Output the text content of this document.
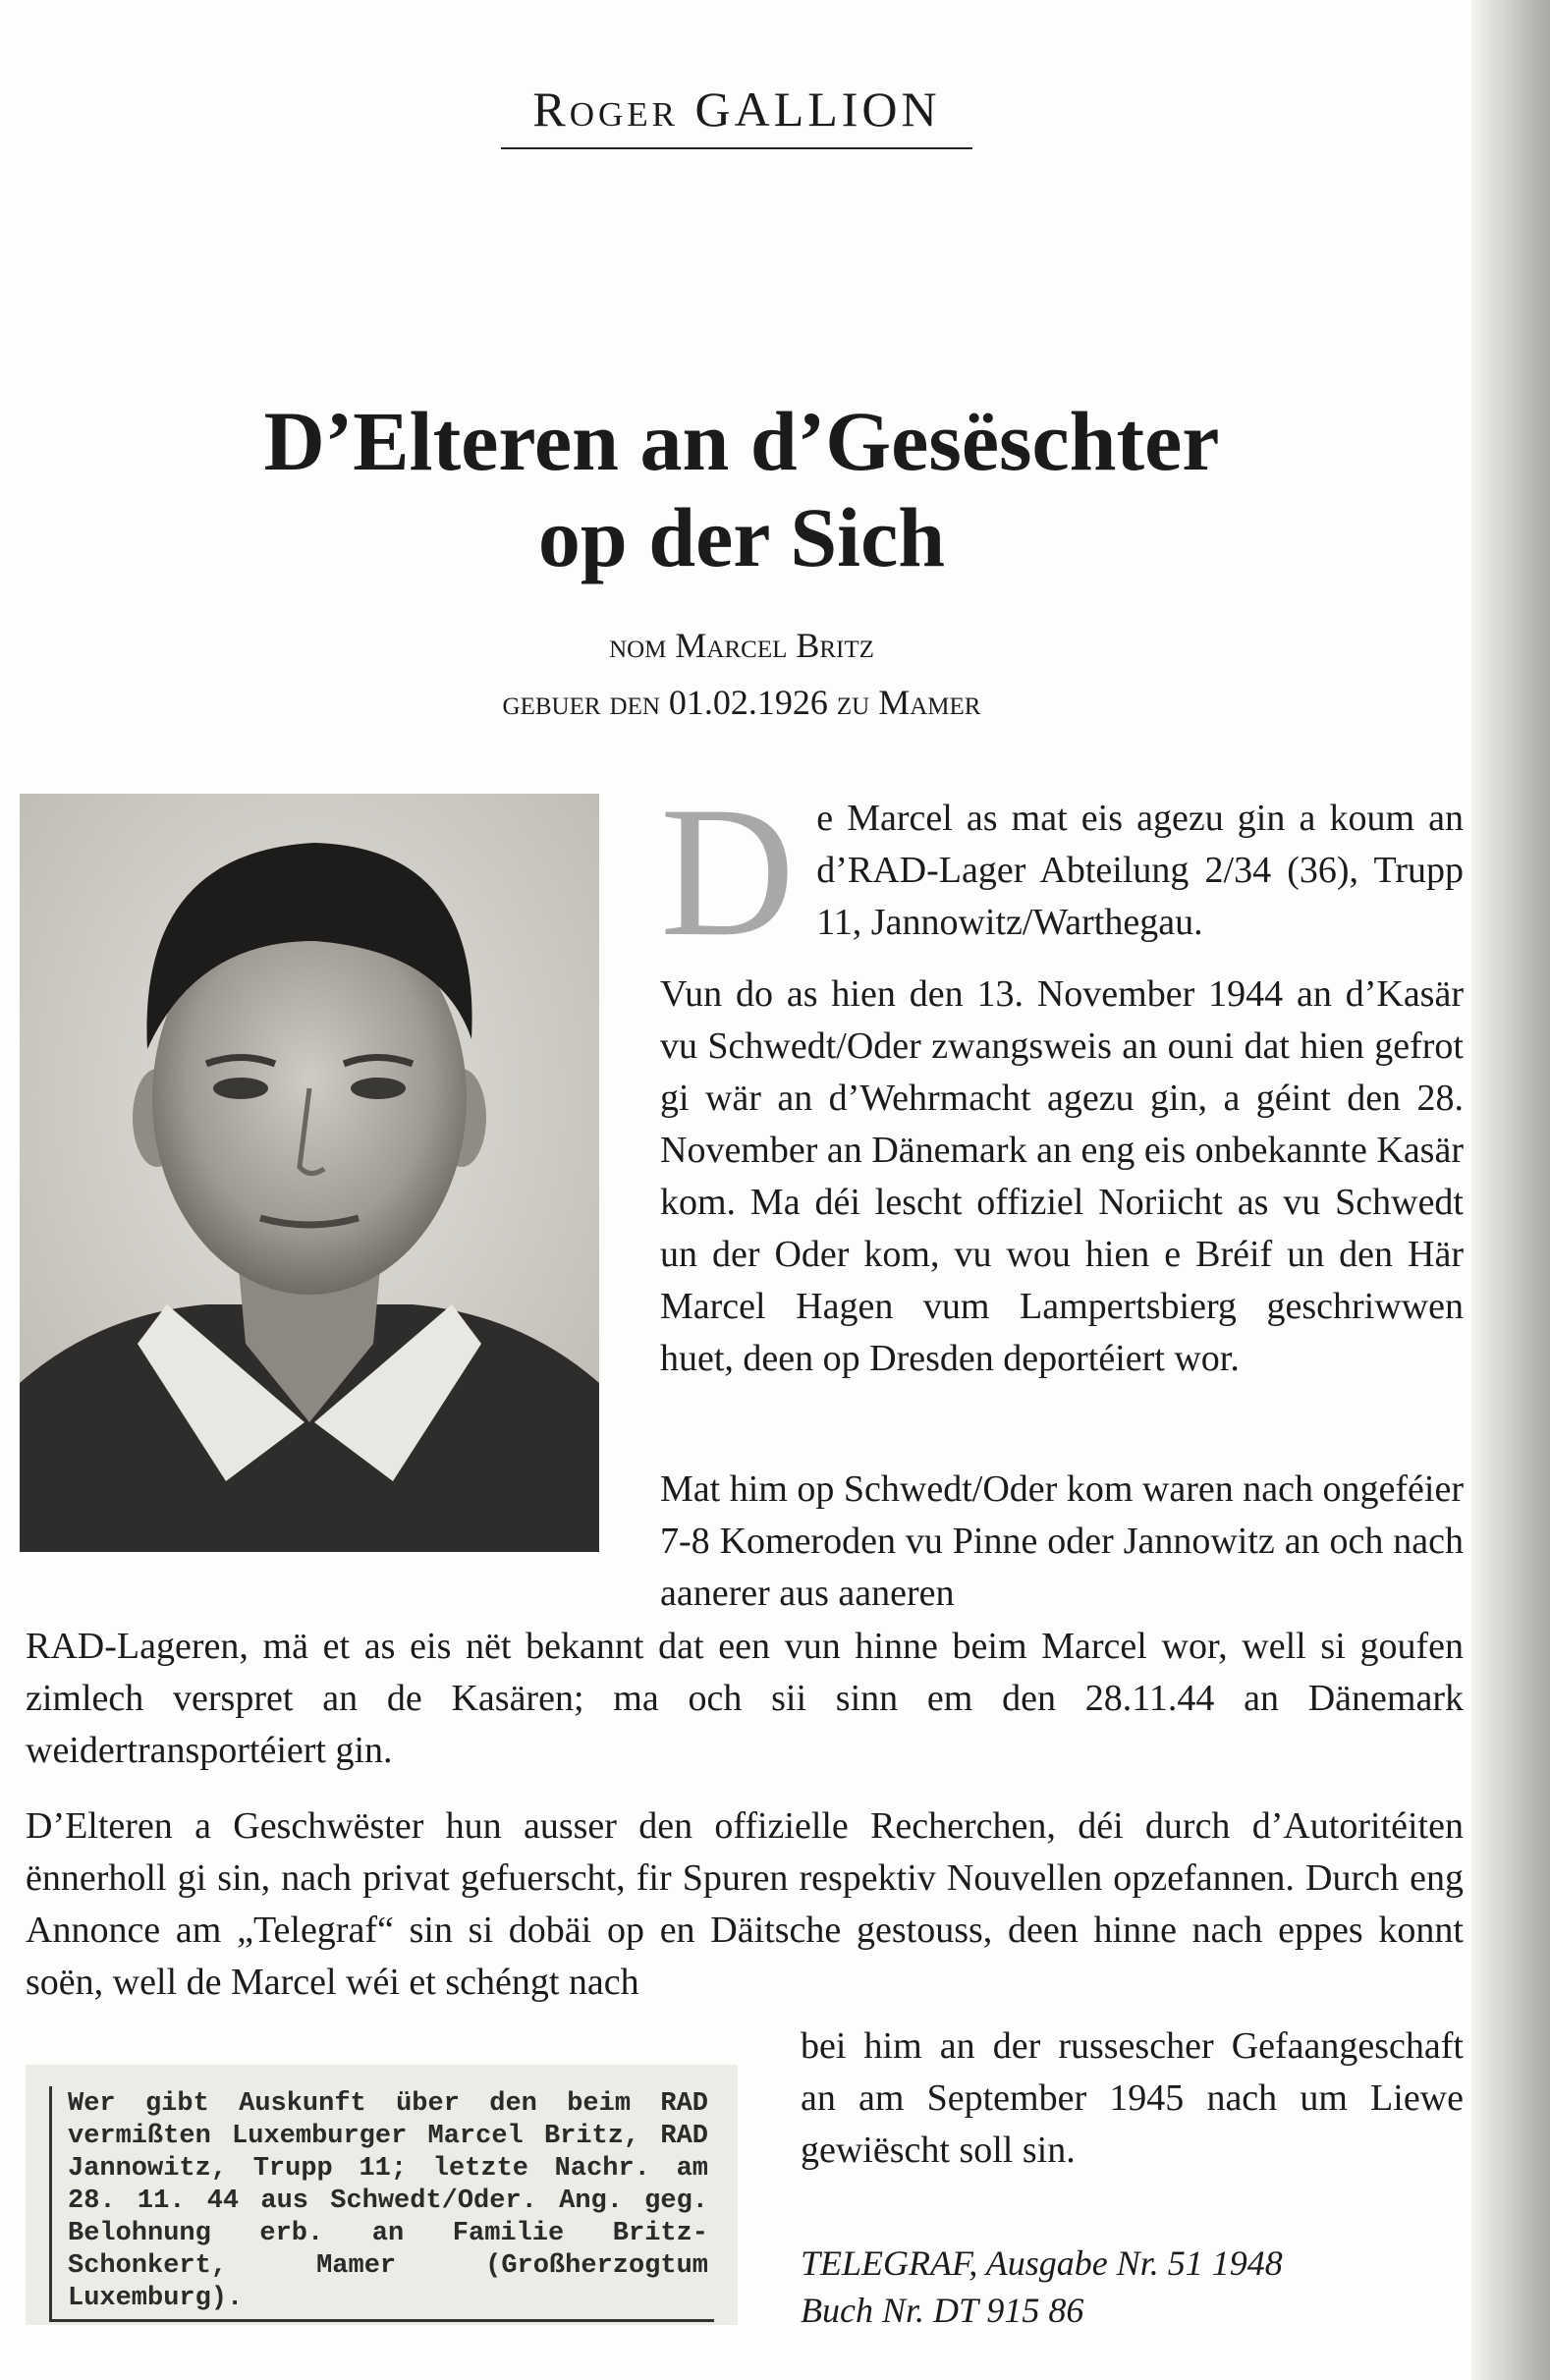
Roger GALLION
D’Elteren an d’Gesëschter
op der Sich
nom Marcel Britz
gebuer den 01.02.1926 zu Mamer
D e Marcel as mat eis agezu gin a koum an d’RAD-Lager Abteilung 2/34 (36), Trupp 11, Jannowitz/Warthegau.

Vun do as hien den 13. November 1944 an d’Kasär vu Schwedt/Oder zwangsweis an ouni dat hien gefrot gi wär an d’Wehrmacht agezu gin, a géint den 28. November an Dänemark an eng eis onbekannte Kasär kom. Ma déi lescht offiziel Noriicht as vu Schwedt un der Oder kom, vu wou hien e Bréif un den Här Marcel Hagen vum Lampertsbierg geschriwwen huet, deen op Dresden deportéiert wor.

Mat him op Schwedt/Oder kom waren nach ongeféier 7-8 Komeroden vu Pinne oder Jannowitz an och nach aanerer aus aaneren

RAD-Lageren, mä et as eis nët bekannt dat een vun hinne beim Marcel wor, well si goufen zimlech verspret an de Kasären; ma och sii sinn em den 28.11.44 an Dänemark weidertransportéiert gin.

D’Elteren a Geschwëster hun ausser den offizielle Recherchen, déi durch d’Autoritéiten ënnerholl gi sin, nach privat gefuerscht, fir Spuren respektiv Nouvellen opzefannen. Durch eng Annonce am „Telegraf“ sin si dobäi op en Däitsche gestouss, deen hinne nach eppes konnt soën, well de Marcel wéi et schéngt nach

bei him an der russescher Gefaangeschaft an am September 1945 nach um Liewe gewiëscht soll sin.

Wer gibt Auskunft über den beim RAD vermißten Luxemburger Marcel Britz, RAD Jannowitz, Trupp 11; letzte Nachr. am 28. 11. 44 aus Schwedt/Oder. Ang. geg. Belohnung erb. an Familie Britz-Schonkert, Mamer (Großherzogtum Luxemburg).
TELEGRAF, Ausgabe Nr. 51 1948
Buch Nr. DT 915 86
